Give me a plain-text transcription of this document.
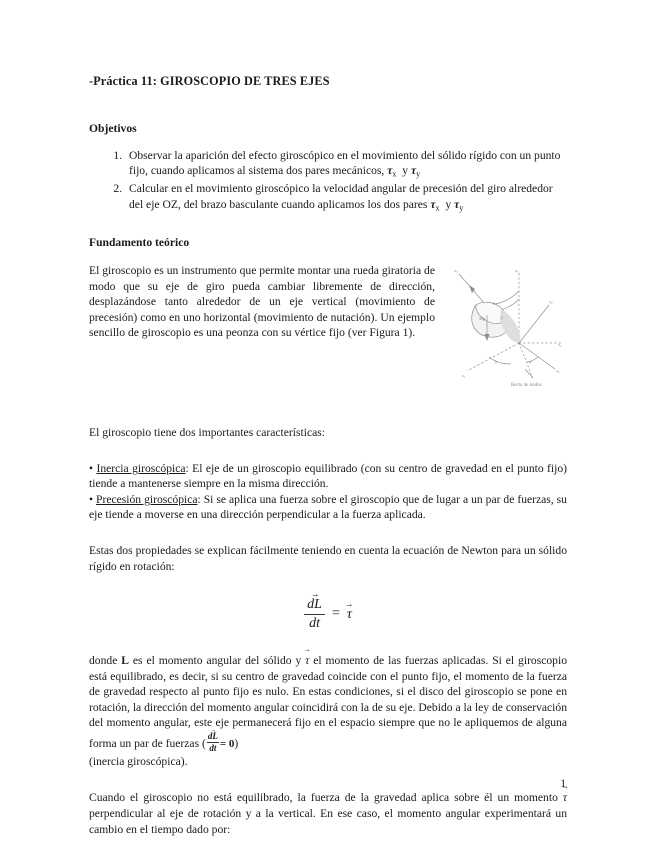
-Práctica 11: GIROSCOPIO DE TRES EJES
Objetivos
1. Observar la aparición del efecto giroscópico en el movimiento del sólido rígido con un punto fijo, cuando aplicamos al sistema dos pares mecánicos, $\tau_x$  y $\tau_y$
2. Calcular en el movimiento giroscópico la velocidad angular de precesión del giro alrededor del eje OZ, del brazo basculante cuando aplicamos los dos pares $\tau_x$  y $\tau_y$
Fundamento teórico
$x_3$	$x_3$
$x_2$
$x_1$
$x_2$
$x_1$
Mg	L
θ
φ	ψ
Recta de nodos

El giroscopio es un instrumento que permite montar una rueda giratoria de modo que su eje de giro pueda cambiar libremente de dirección, desplazándose tanto alrededor de un eje vertical (movimiento de precesión) como en uno horizontal (movimiento de nutación). Un ejemplo sencillo de giroscopio es una peonza con su vértice fijo (ver Figura 1).

El giroscopio tiene dos importantes características:

• Inercia giroscópica: El eje de un giroscopio equilibrado (con su centro de gravedad en el punto fijo) tiende a mantenerse siempre en la misma dirección.

• Precesión giroscópica: Si se aplica una fuerza sobre el giroscopio que de lugar a un par de fuerzas, su eje tiende a moverse en una dirección perpendicular a la fuerza aplicada.

Estas dos propiedades se explican fácilmente teniendo en cuenta la ecuación de Newton para un sólido rígido en rotación:

$\frac{dL \to}{dt} = \tau$ →

donde L es el momento angular del sólido y τ → el momento de las fuerzas aplicadas. Si el giroscopio está equilibrado, es decir, si su centro de gravedad coincide con el punto fijo, el momento de la fuerza de gravedad respecto al punto fijo es nulo. En estas condiciones, si el disco del giroscopio se pone en rotación, la dirección del momento angular coincidirá con la de su eje. Debido a la ley de conservación del momento angular, este eje permanecerá fijo en el espacio siempre que no le apliquemos de alguna forma un par de fuerzas ( $\frac{dL \to}{dt} = 0$)
(inercia giroscópica).

Cuando el giroscopio no está equilibrado, la fuerza de la gravedad aplica sobre él un momento τ → perpendicular al eje de rotación y a la vertical. En ese caso, el momento angular experimentará un cambio en el tiempo dado por:

1
